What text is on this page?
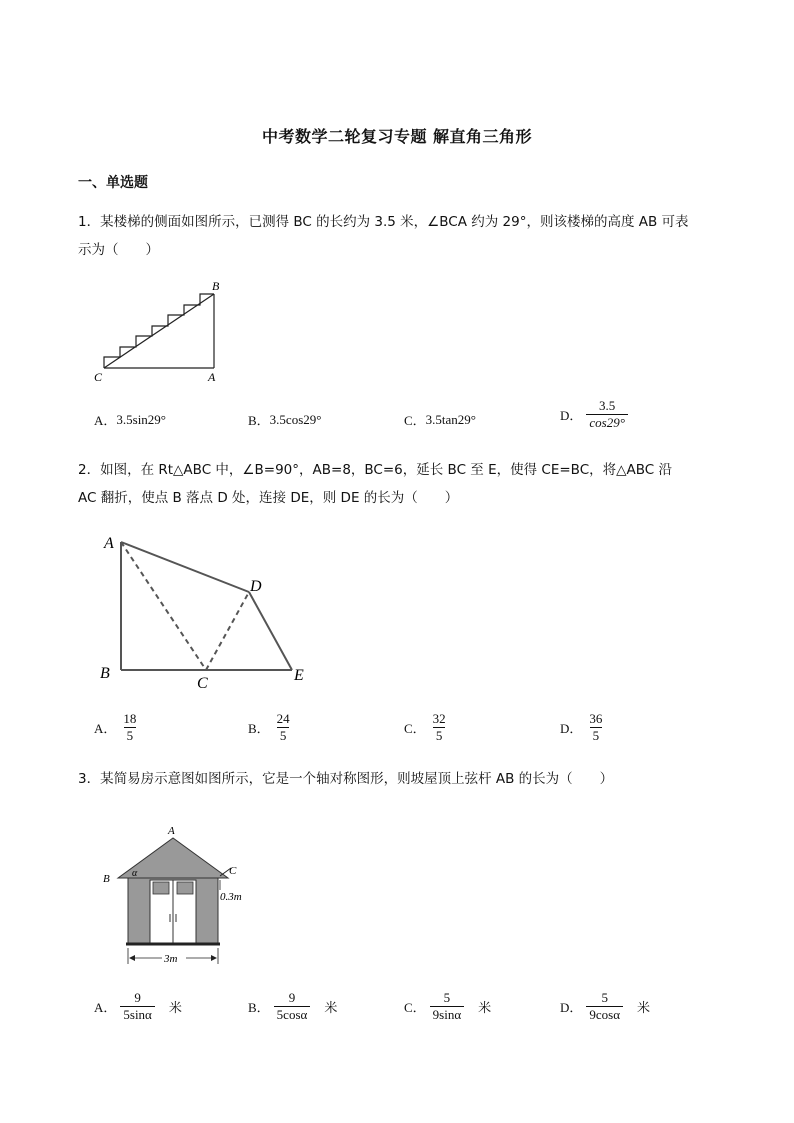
中考数学二轮复习专题 解直角三角形
一、单选题
1．某楼梯的侧面如图所示，已测得 BC 的长约为 3.5 米，∠BCA 约为 29°，则该楼梯的高度 AB 可表
示为（　　）
B
C	A
A． 3.5sin29°	B． 3.5cos29°	C． 3.5tan29°	D． $\frac{3.5}{\cos 29^\circ}$
2．如图，在 Rt△ABC 中，∠B=90°，AB=8，BC=6，延长 BC 至 E，使得 CE=BC，将△ABC 沿
AC 翻折，使点 B 落点 D 处，连接 DE，则 DE 的长为（　　）
A
B
C
D
E
A． $\frac{18}{5}$	B． $\frac{24}{5}$	C． $\frac{32}{5}$	D． $\frac{36}{5}$
3．某简易房示意图如图所示，它是一个轴对称图形，则坡屋顶上弦杆 AB 的长为（　　）
A
B
C
α
0.3m
3m
A． $\frac{9}{5\sin\alpha}$ 米	B． $\frac{9}{5\cos\alpha}$ 米	C． $\frac{5}{9\sin\alpha}$ 米	D． $\frac{5}{9\cos\alpha}$ 米
